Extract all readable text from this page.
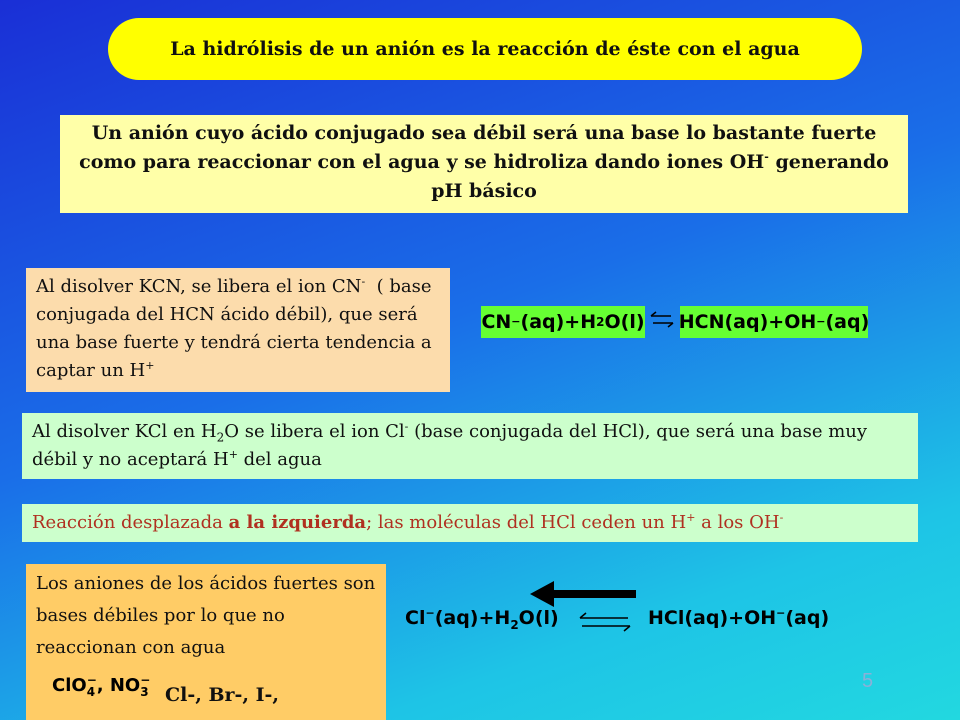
La hidrólisis de un anión es la reacción de éste con el agua
Un anión cuyo ácido conjugado sea débil será una base lo bastante fuerte como para reaccionar con el agua y se hidroliza dando iones OH- generando pH básico
Al disolver KCN, se libera el ion CN-  ( base conjugada del HCN ácido débil), que será una base fuerte y tendrá cierta tendencia a captar un H+
CN − (aq)+H 2 O(l) ⇌ HCN(aq)+OH − (aq)
Al disolver KCl en $H_2O$ se libera el ion Cl- (base conjugada del HCl), que será una base muy débil y no aceptará H+ del agua
Reacción desplazada a la izquierda; las moléculas del HCl ceden un H+ a los OH-
Los aniones de los ácidos fuertes son bases débiles por lo que no reaccionan con agua
ClO −
4 , NO −
3 Cl-, Br-, I-,
$Cl^-(aq)+H_2O(l)$ ⇌ HCl(aq)+OH−(aq)
5
